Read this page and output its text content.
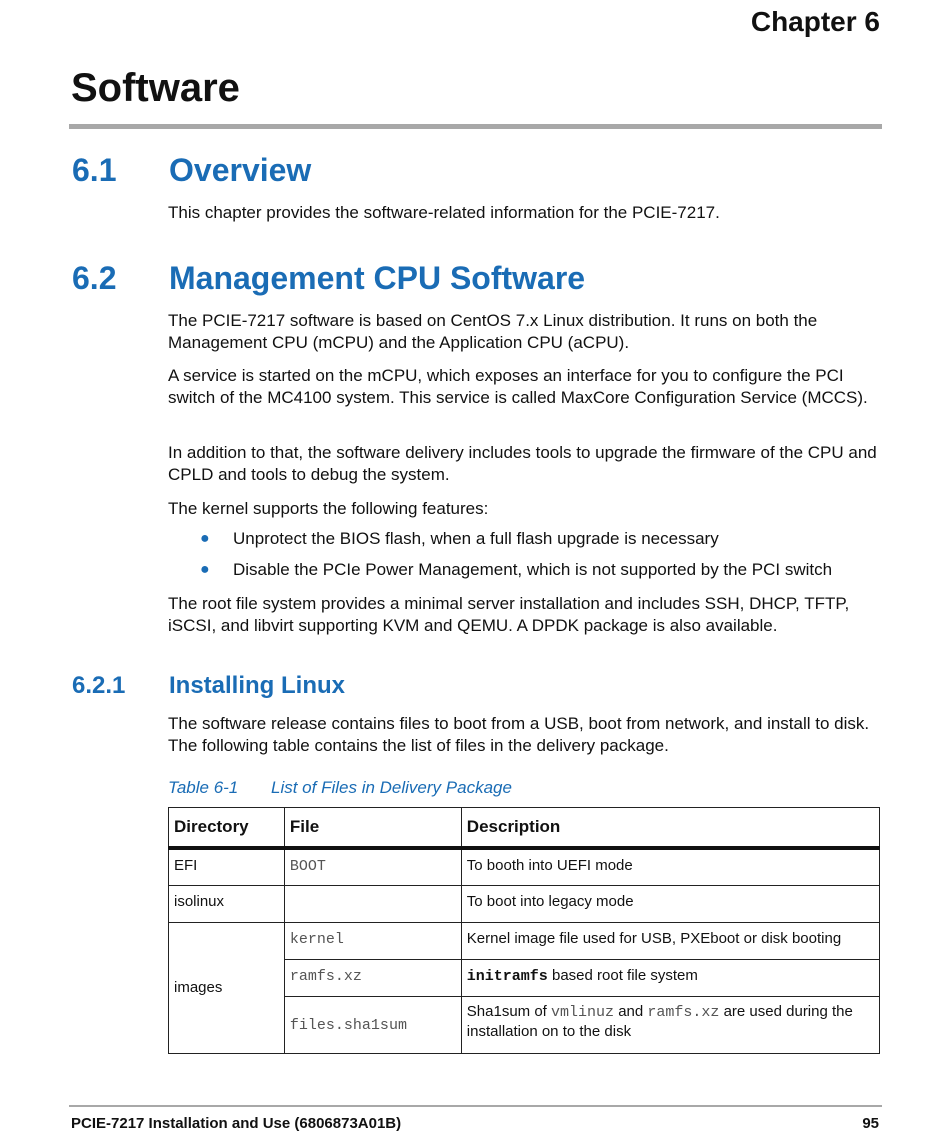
Chapter 6
Software
6.1 Overview
This chapter provides the software-related information for the PCIE-7217.
6.2 Management CPU Software
The PCIE-7217 software is based on CentOS 7.x Linux distribution. It runs on both the Management CPU (mCPU) and the Application CPU (aCPU).
A service is started on the mCPU, which exposes an interface for you to configure the PCI switch of the MC4100 system. This service is called MaxCore Configuration Service (MCCS).
In addition to that, the software delivery includes tools to upgrade the firmware of the CPU and CPLD and tools to debug the system.
The kernel supports the following features:
● Unprotect the BIOS flash, when a full flash upgrade is necessary
● Disable the PCIe Power Management, which is not supported by the PCI switch
The root file system provides a minimal server installation and includes SSH, DHCP, TFTP, iSCSI, and libvirt supporting KVM and QEMU. A DPDK package is also available.
6.2.1 Installing Linux
The software release contains files to boot from a USB, boot from network, and install to disk. The following table contains the list of files in the delivery package.
Table 6-1 List of Files in Delivery Package
Directory	File	Description
EFI	BOOT	To booth into UEFI mode
isolinux		To boot into legacy mode
images	kernel	Kernel image file used for USB, PXEboot or disk booting
	ramfs.xz	initramfs based root file system
	files.sha1sum	Sha1sum of vmlinuz and ramfs.xz are used during the installation on to the disk
PCIE-7217 Installation and Use (6806873A01B)	95
